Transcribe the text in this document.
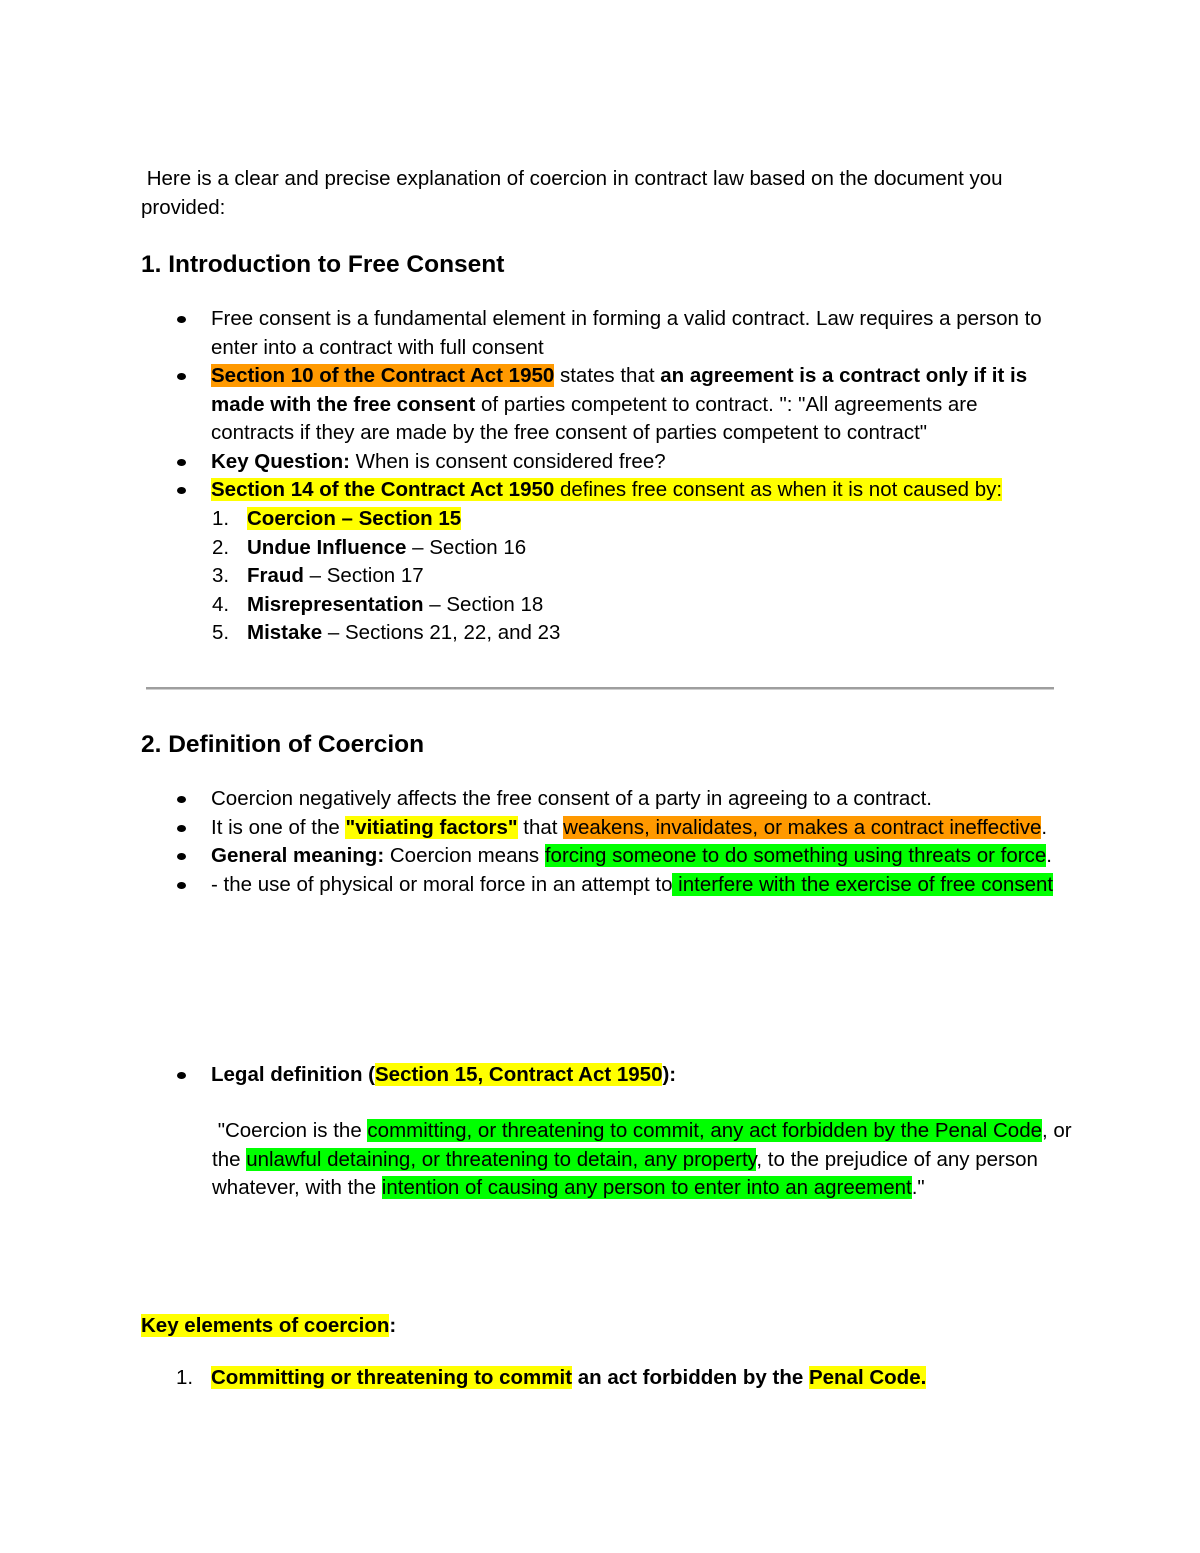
Here is a clear and precise explanation of coercion in contract law based on the document you provided:
1. Introduction to Free Consent
Free consent is a fundamental element in forming a valid contract. Law requires a person to enter into a contract with full consent
Section 10 of the Contract Act 1950 states that an agreement is a contract only if it is made with the free consent of parties competent to contract. ": "All agreements are contracts if they are made by the free consent of parties competent to contract"
Key Question: When is consent considered free?
Section 14 of the Contract Act 1950 defines free consent as when it is not caused by:
1. Coercion – Section 15
2. Undue Influence – Section 16
3. Fraud – Section 17
4. Misrepresentation – Section 18
5. Mistake – Sections 21, 22, and 23
2. Definition of Coercion
Coercion negatively affects the free consent of a party in agreeing to a contract.
It is one of the "vitiating factors" that weakens, invalidates, or makes a contract ineffective.
General meaning: Coercion means forcing someone to do something using threats or force.
- the use of physical or moral force in an attempt to interfere with the exercise of free consent
Legal definition (Section 15, Contract Act 1950):
"Coercion is the committing, or threatening to commit, any act forbidden by the Penal Code, or the unlawful detaining, or threatening to detain, any property, to the prejudice of any person whatever, with the intention of causing any person to enter into an agreement."
Key elements of coercion:
1. Committing or threatening to commit an act forbidden by the Penal Code.
